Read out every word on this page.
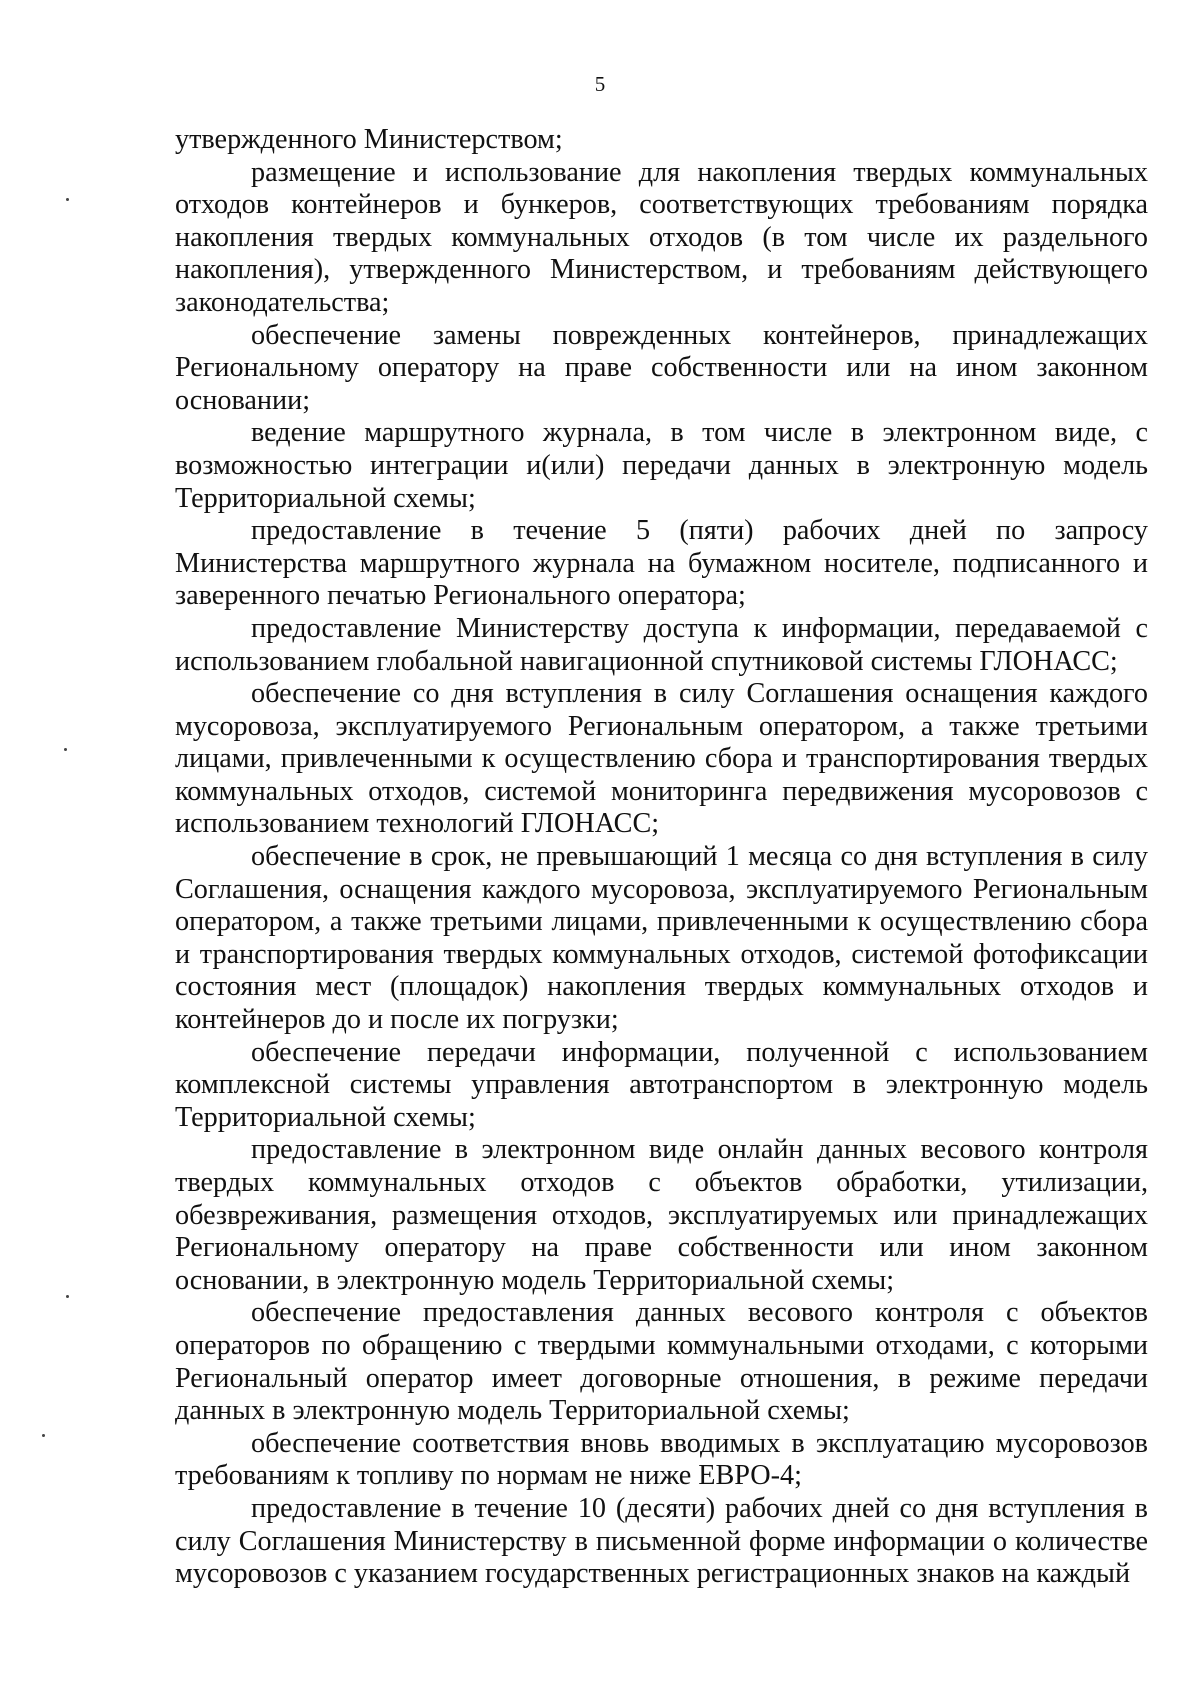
5

утвержденного Министерством;

размещение и использование для накопления твердых коммунальных отходов контейнеров и бункеров, соответствующих требованиям порядка накопления твердых коммунальных отходов (в том числе их раздельного накопления), утвержденного Министерством, и требованиям действующего законодательства;

обеспечение замены поврежденных контейнеров, принадлежащих Региональному оператору на праве собственности или на ином законном основании;

ведение маршрутного журнала, в том числе в электронном виде, с возможностью интеграции и(или) передачи данных в электронную модель Территориальной схемы;

предоставление в течение 5 (пяти) рабочих дней по запросу Министерства маршрутного журнала на бумажном носителе, подписанного и заверенного печатью Регионального оператора;

предоставление Министерству доступа к информации, передаваемой с использованием глобальной навигационной спутниковой системы ГЛОНАСС;

обеспечение со дня вступления в силу Соглашения оснащения каждого мусоровоза, эксплуатируемого Региональным оператором, а также третьими лицами, привлеченными к осуществлению сбора и транспортирования твердых коммунальных отходов, системой мониторинга передвижения мусоровозов с использованием технологий ГЛОНАСС;

обеспечение в срок, не превышающий 1 месяца со дня вступления в силу Соглашения, оснащения каждого мусоровоза, эксплуатируемого Региональным оператором, а также третьими лицами, привлеченными к осуществлению сбора и транспортирования твердых коммунальных отходов, системой фотофиксации состояния мест (площадок) накопления твердых коммунальных отходов и контейнеров до и после их погрузки;

обеспечение передачи информации, полученной с использованием комплексной системы управления автотранспортом в электронную модель Территориальной схемы;

предоставление в электронном виде онлайн данных весового контроля твердых коммунальных отходов с объектов обработки, утилизации, обезвреживания, размещения отходов, эксплуатируемых или принадлежащих Региональному оператору на праве собственности или ином законном основании, в электронную модель Территориальной схемы;

обеспечение предоставления данных весового контроля с объектов операторов по обращению с твердыми коммунальными отходами, с которыми Региональный оператор имеет договорные отношения, в режиме передачи данных в электронную модель Территориальной схемы;

обеспечение соответствия вновь вводимых в эксплуатацию мусоровозов требованиям к топливу по нормам не ниже ЕВРО-4;

предоставление в течение 10 (десяти) рабочих дней со дня вступления в силу Соглашения Министерству в письменной форме информации о количестве мусоровозов с указанием государственных регистрационных знаков на каждый
